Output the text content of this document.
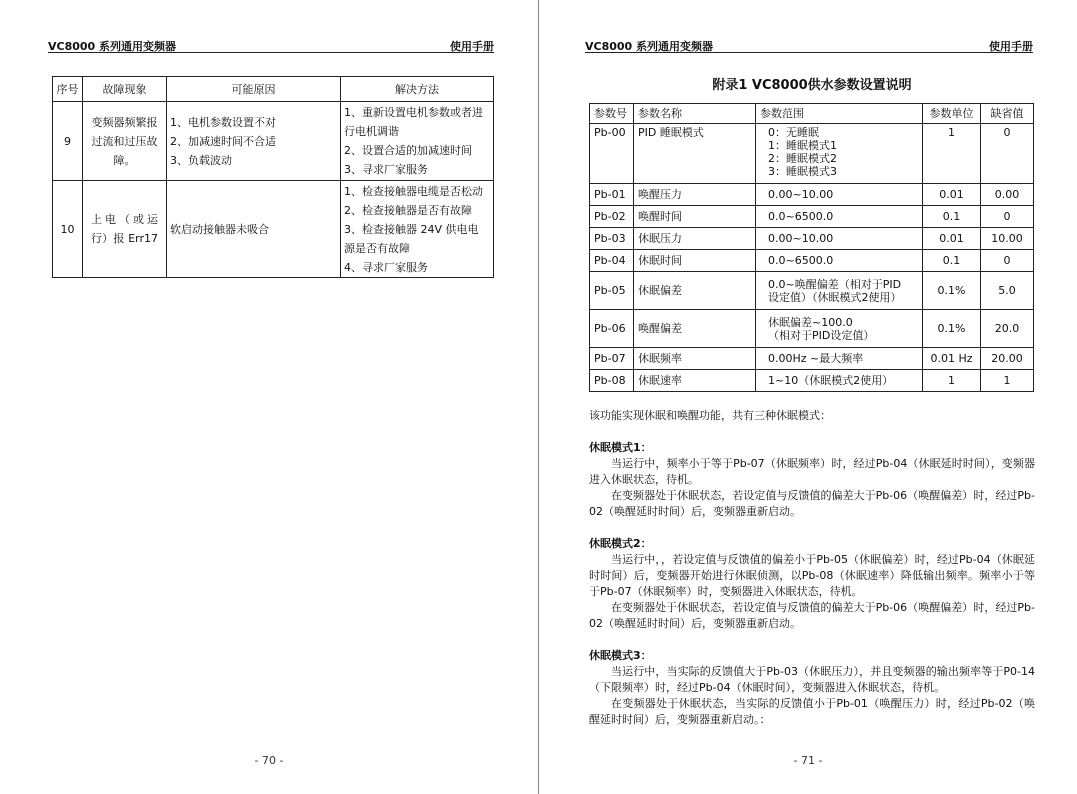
VC8000 系列通用变频器	使用手册
序号	故障现象	可能原因	解决方法
9	变频器频繁报过流和过压故障。	1、电机参数设置不对
2、加减速时间不合适
3、负载波动	1、重新设置电机参数或者进
行电机调谐
2、设置合适的加减速时间
3、寻求厂家服务

10	上电（或运行）报 Err17	软启动接触器未吸合	1、检查接触器电缆是否松动
2、检查接触器是否有故障
3、检查接触器 24V 供电电
源是否有故障
4、寻求厂家服务
- 70 -
VC8000 系列通用变频器	使用手册
附录1 VC8000供水参数设置说明
参数号	参数名称	参数范围	参数单位	缺省值
Pb-00	PID 睡眠模式	0：无睡眠
1：睡眠模式1
2：睡眠模式2
3：睡眠模式3	1	0
Pb-01	唤醒压力	0.00~10.00	0.01	0.00
Pb-02	唤醒时间	0.0~6500.0	0.1	0
Pb-03	休眠压力	0.00~10.00	0.01	10.00
Pb-04	休眠时间	0.0~6500.0	0.1	0
Pb-05	休眠偏差	0.0~唤醒偏差（相对于PID
设定值）（休眠模式2使用）	0.1%	5.0
Pb-06	唤醒偏差	休眠偏差~100.0
（相对于PID设定值）	0.1%	20.0
Pb-07	休眠频率	0.00Hz ~最大频率	0.01 Hz	20.00
Pb-08	休眠速率	1~10（休眠模式2使用）	1	1

该功能实现休眠和唤醒功能，共有三种休眠模式：

休眠模式1：

当运行中，频率小于等于Pb-07（休眠频率）时，经过Pb-04（休眠延时时间），变频器进入休眠状态，待机。

在变频器处于休眠状态，若设定值与反馈值的偏差大于Pb-06（唤醒偏差）时，经过Pb-02（唤醒延时时间）后，变频器重新启动。

休眠模式2：

当运行中，，若设定值与反馈值的偏差小于Pb-05（休眠偏差）时，经过Pb-04（休眠延时时间）后，变频器开始进行休眠侦测，以Pb-08（休眠速率）降低输出频率。频率小于等于Pb-07（休眠频率）时，变频器进入休眠状态，待机。

在变频器处于休眠状态，若设定值与反馈值的偏差大于Pb-06（唤醒偏差）时，经过Pb-02（唤醒延时时间）后，变频器重新启动。

休眠模式3：

当运行中，当实际的反馈值大于Pb-03（休眠压力），并且变频器的输出频率等于P0-14（下限频率）时，经过Pb-04（休眠时间），变频器进入休眠状态，待机。

在变频器处于休眠状态，当实际的反馈值小于Pb-01（唤醒压力）时，经过Pb-02（唤醒延时时间）后，变频器重新启动。：

- 71 -
